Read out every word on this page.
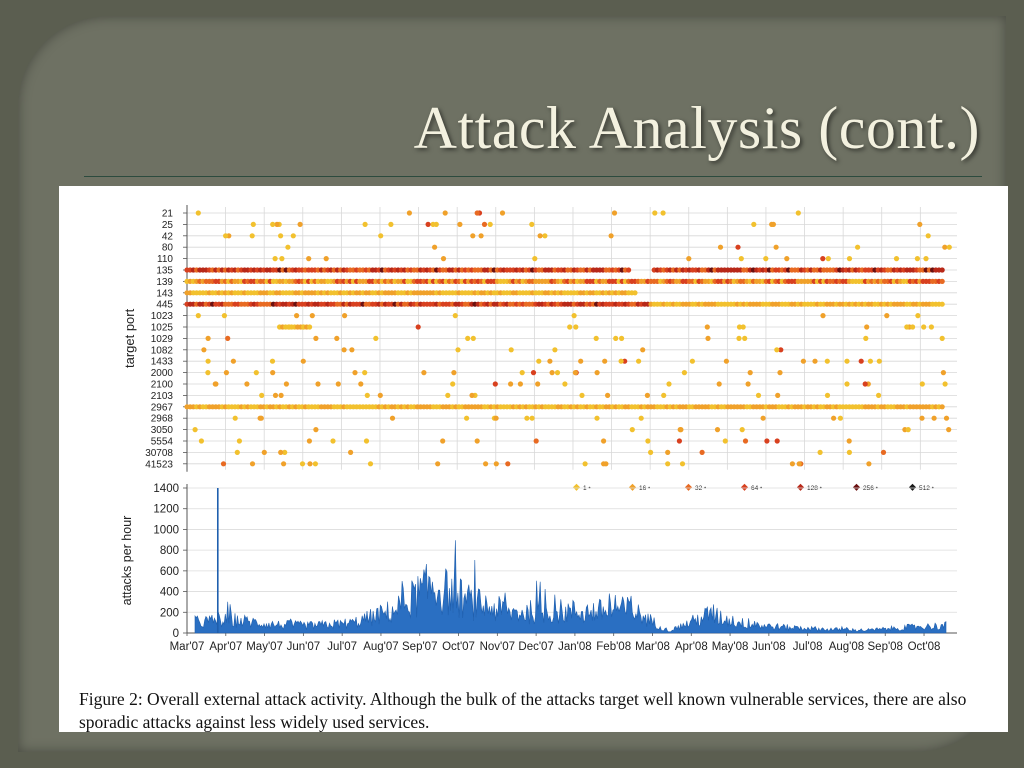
Attack Analysis (cont.)
21
25
42
80
110
135
139
143
445
1023
1025
1029
1082
1433
2000
2100
2103
2967
2968
3050
5554
30708
41523
target port
1 •	16 •	32 •	64 •	128 •	256 •	512 •
0
200
400
600
800
1000
1200
1400
attacks per hour
Mar'07 Apr'07 May'07 Jun'07 Jul'07 Aug'07 Sep'07 Oct'07 Nov'07 Dec'07 Jan'08 Feb'08 Mar'08 Apr'08 May'08 Jun'08 Jul'08 Aug'08 Sep'08 Oct'08
Figure 2: Overall external attack activity. Although the bulk of the attacks target well known vulnerable services, there are also sporadic attacks against less widely used services.
